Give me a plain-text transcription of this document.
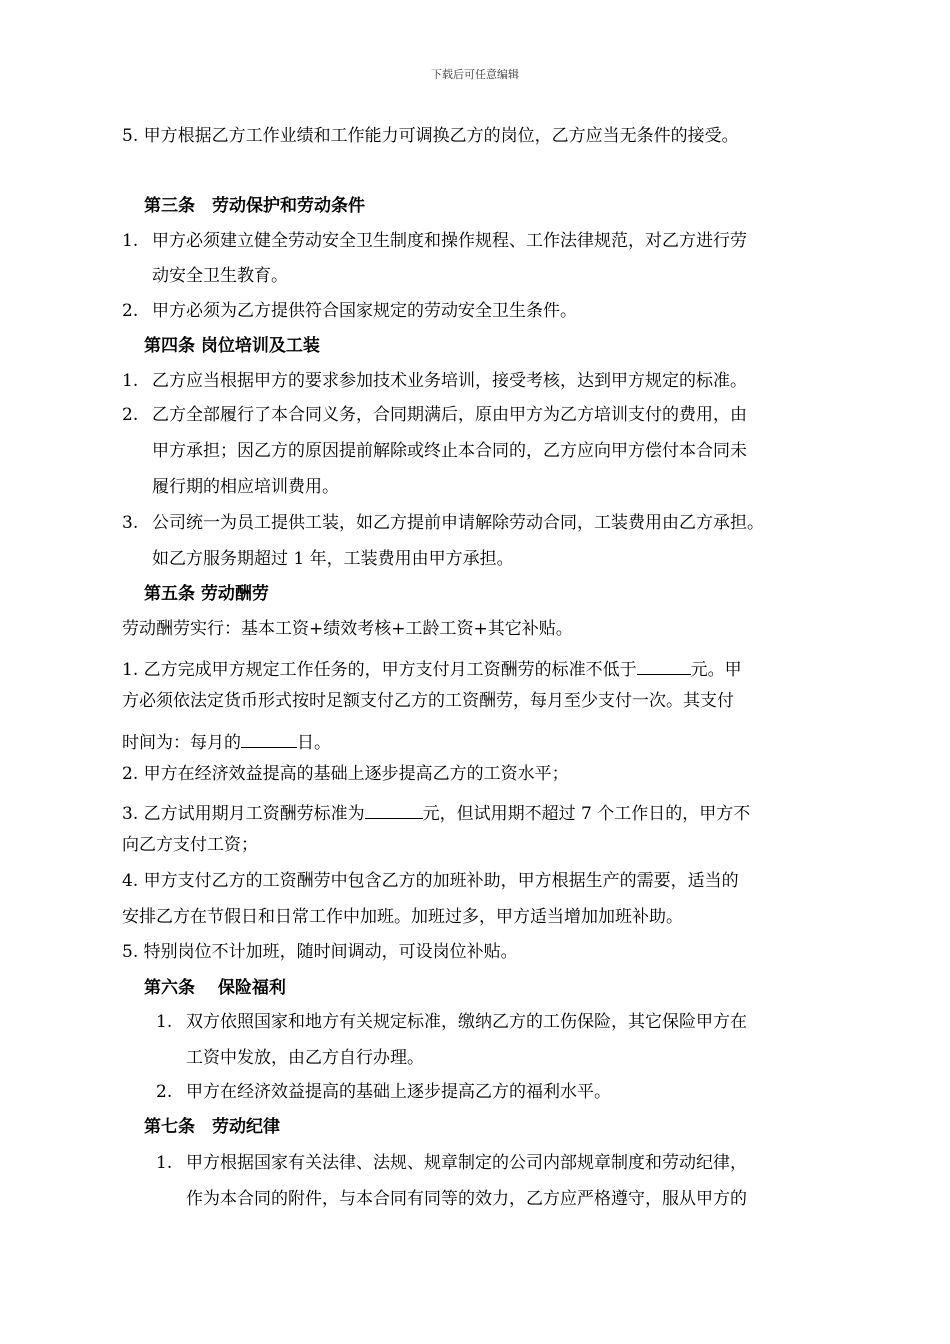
下载后可任意编辑
5. 甲方根据乙方工作业绩和工作能力可调换乙方的岗位，乙方应当无条件的接受。
第三条　劳动保护和劳动条件
1. 甲方必须建立健全劳动安全卫生制度和操作规程、工作法律规范，对乙方进行劳
动安全卫生教育。
2. 甲方必须为乙方提供符合国家规定的劳动安全卫生条件。
第四条 岗位培训及工装
1. 乙方应当根据甲方的要求参加技术业务培训，接受考核，达到甲方规定的标准。
2. 乙方全部履行了本合同义务，合同期满后，原由甲方为乙方培训支付的费用，由
甲方承担；因乙方的原因提前解除或终止本合同的，乙方应向甲方偿付本合同未
履行期的相应培训费用。
3. 公司统一为员工提供工装，如乙方提前申请解除劳动合同，工装费用由乙方承担。
如乙方服务期超过 1 年，工装费用由甲方承担。
第五条 劳动酬劳
劳动酬劳实行：基本工资+绩效考核+工龄工资+其它补贴。
1. 乙方完成甲方规定工作任务的，甲方支付月工资酬劳的标准不低于	元。甲
方必须依法定货币形式按时足额支付乙方的工资酬劳，每月至少支付一次。其支付
时间为：每月的	日。
2. 甲方在经济效益提高的基础上逐步提高乙方的工资水平；
3. 乙方试用期月工资酬劳标准为	元，但试用期不超过 7 个工作日的，甲方不
向乙方支付工资；
4. 甲方支付乙方的工资酬劳中包含乙方的加班补助，甲方根据生产的需要，适当的
安排乙方在节假日和日常工作中加班。加班过多，甲方适当增加加班补助。
5. 特别岗位不计加班，随时间调动，可设岗位补贴。
第六条　 保险福利
1. 双方依照国家和地方有关规定标准，缴纳乙方的工伤保险，其它保险甲方在
工资中发放，由乙方自行办理。
2. 甲方在经济效益提高的基础上逐步提高乙方的福利水平。
第七条　劳动纪律
1. 甲方根据国家有关法律、法规、规章制定的公司内部规章制度和劳动纪律，
作为本合同的附件，与本合同有同等的效力，乙方应严格遵守，服从甲方的
